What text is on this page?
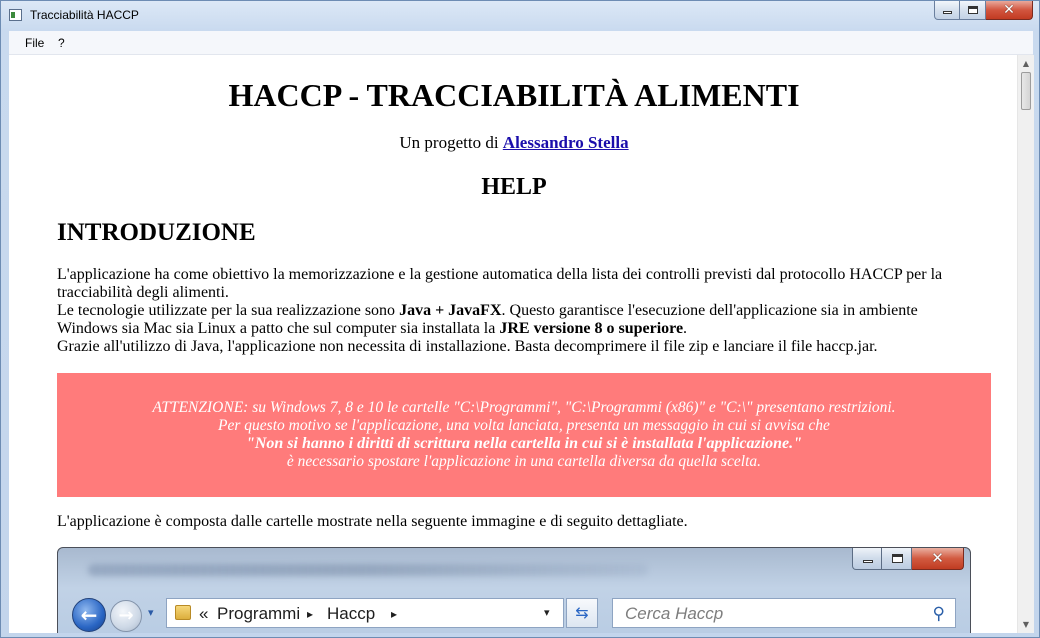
Tracciabilità HACCP	✕
File ?
HACCP - TRACCIABILITÀ ALIMENTI
Un progetto di Alessandro Stella
HELP
INTRODUZIONE
L'applicazione ha come obiettivo la memorizzazione e la gestione automatica della lista dei controlli previsti dal protocollo HACCP per la tracciabilità degli alimenti.
Le tecnologie utilizzate per la sua realizzazione sono Java + JavaFX. Questo garantisce l'esecuzione dell'applicazione sia in ambiente Windows sia Mac sia Linux a patto che sul computer sia installata la JRE versione 8 o superiore.
Grazie all'utilizzo di Java, l'applicazione non necessita di installazione. Basta decomprimere il file zip e lanciare il file haccp.jar.
ATTENZIONE: su Windows 7, 8 e 10 le cartelle "C:\Programmi", "C:\Programmi (x86)" e "C:\" presentano restrizioni.
Per questo motivo se l'applicazione, una volta lanciata, presenta un messaggio in cui si avvisa che
"Non si hanno i diritti di scrittura nella cartella in cui si è installata l'applicazione."
è necessario spostare l'applicazione in una cartella diversa da quella scelta.
L'applicazione è composta dalle cartelle mostrate nella seguente immagine e di seguito dettagliate.
✕
←	→	▾	« Programmi ▸ Haccp ▸	▾	⇆	Cerca Haccp	⚲
▲
▼
